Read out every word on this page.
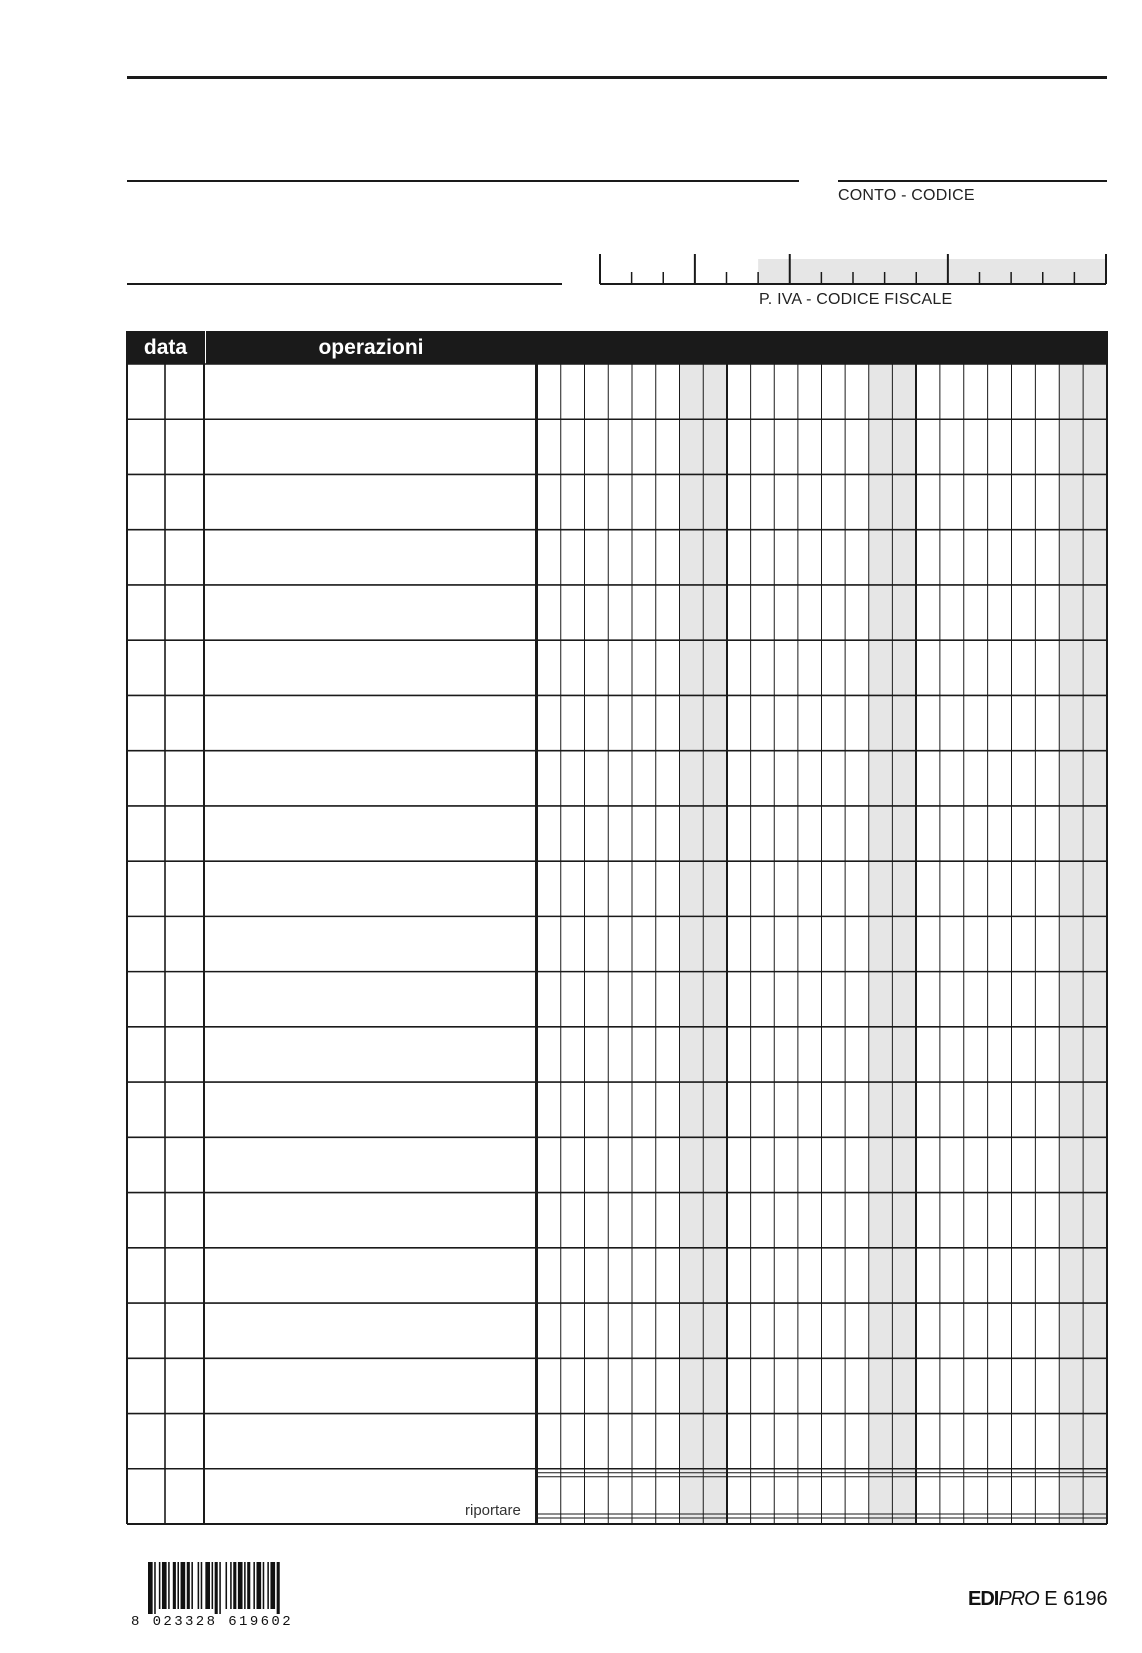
CONTO - CODICE
P. IVA - CODICE FISCALE
data	operazioni
riportare
8 023328 619602
EDIPRO E 6196
